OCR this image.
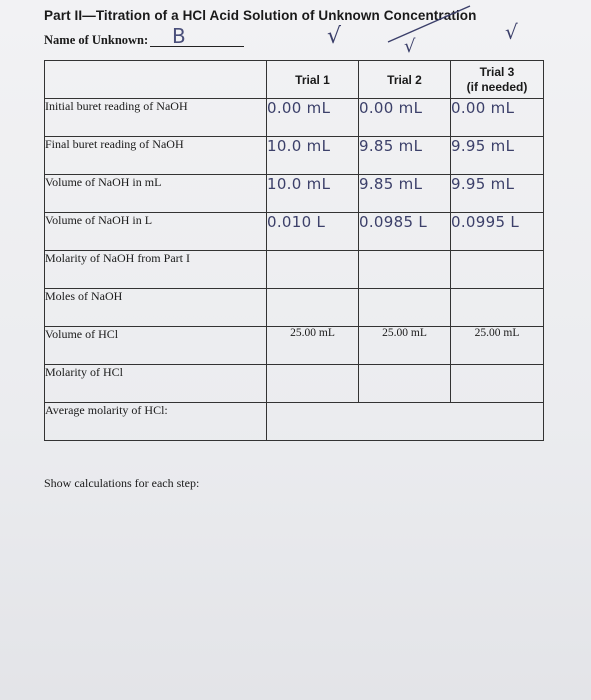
Part II—Titration of a HCl Acid Solution of Unknown Concentration
√	√
√
Name of Unknown: B
	Trial 1	Trial 2	Trial 3
(if needed)
Initial buret reading of NaOH	0.00 mL	0.00 mL	0.00 mL
Final buret reading of NaOH	10.0 mL	9.85 mL	9.95 mL
Volume of NaOH in mL	10.0 mL	9.85 mL	9.95 mL
Volume of NaOH in L	0.010 L	0.0985 L	0.0995 L
Molarity of NaOH from Part I			
Moles of NaOH			
Volume of HCl	25.00 mL	25.00 mL	25.00 mL
Molarity of HCl			
Average molarity of HCl:			
Show calculations for each step:
